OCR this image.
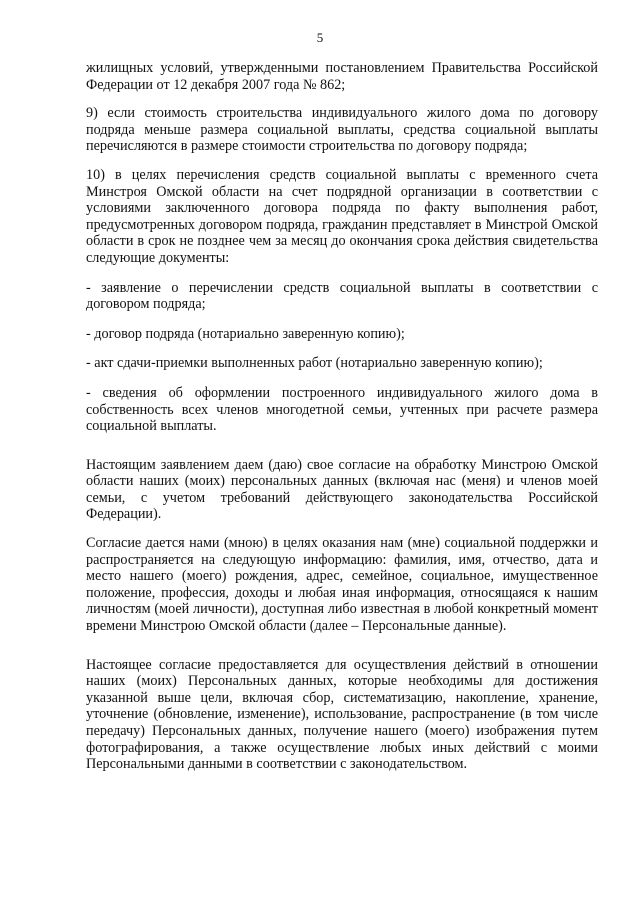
5

жилищных условий, утвержденными постановлением Правительства Российской Федерации от 12 декабря 2007 года № 862;

9) если стоимость строительства индивидуального жилого дома по договору подряда меньше размера социальной выплаты, средства социальной выплаты перечисляются в размере стоимости строительства по договору подряда;

10) в целях перечисления средств социальной выплаты с временного счета Минстроя Омской области на счет подрядной организации в соответствии с условиями заключенного договора подряда по факту выполнения работ, предусмотренных договором подряда, гражданин представляет в Минстрой Омской области в срок не позднее чем за месяц до окончания срока действия свидетельства следующие документы:

- заявление о перечислении средств социальной выплаты в соответствии с договором подряда;

- договор подряда (нотариально заверенную копию);

- акт сдачи-приемки выполненных работ (нотариально заверенную копию);

- сведения об оформлении построенного индивидуального жилого дома в собственность всех членов многодетной семьи, учтенных при расчете размера социальной выплаты.

Настоящим заявлением даем (даю) свое согласие на обработку Минстрою Омской области наших (моих) персональных данных (включая нас (меня) и членов моей семьи, с учетом требований действующего законодательства Российской Федерации).

Согласие дается нами (мною) в целях оказания нам (мне) социальной поддержки и распространяется на следующую информацию: фамилия, имя, отчество, дата и место нашего (моего) рождения, адрес, семейное, социальное, имущественное положение, профессия, доходы и любая иная информация, относящаяся к нашим личностям (моей личности), доступная либо известная в любой конкретный момент времени Минстрою Омской области (далее – Персональные данные).

Настоящее согласие предоставляется для осуществления действий в отношении наших (моих) Персональных данных, которые необходимы для достижения указанной выше цели, включая сбор, систематизацию, накопление, хранение, уточнение (обновление, изменение), использование, распространение (в том числе передачу) Персональных данных, получение нашего (моего) изображения путем фотографирования, а также осуществление любых иных действий с моими Персональными данными в соответствии с законодательством.
